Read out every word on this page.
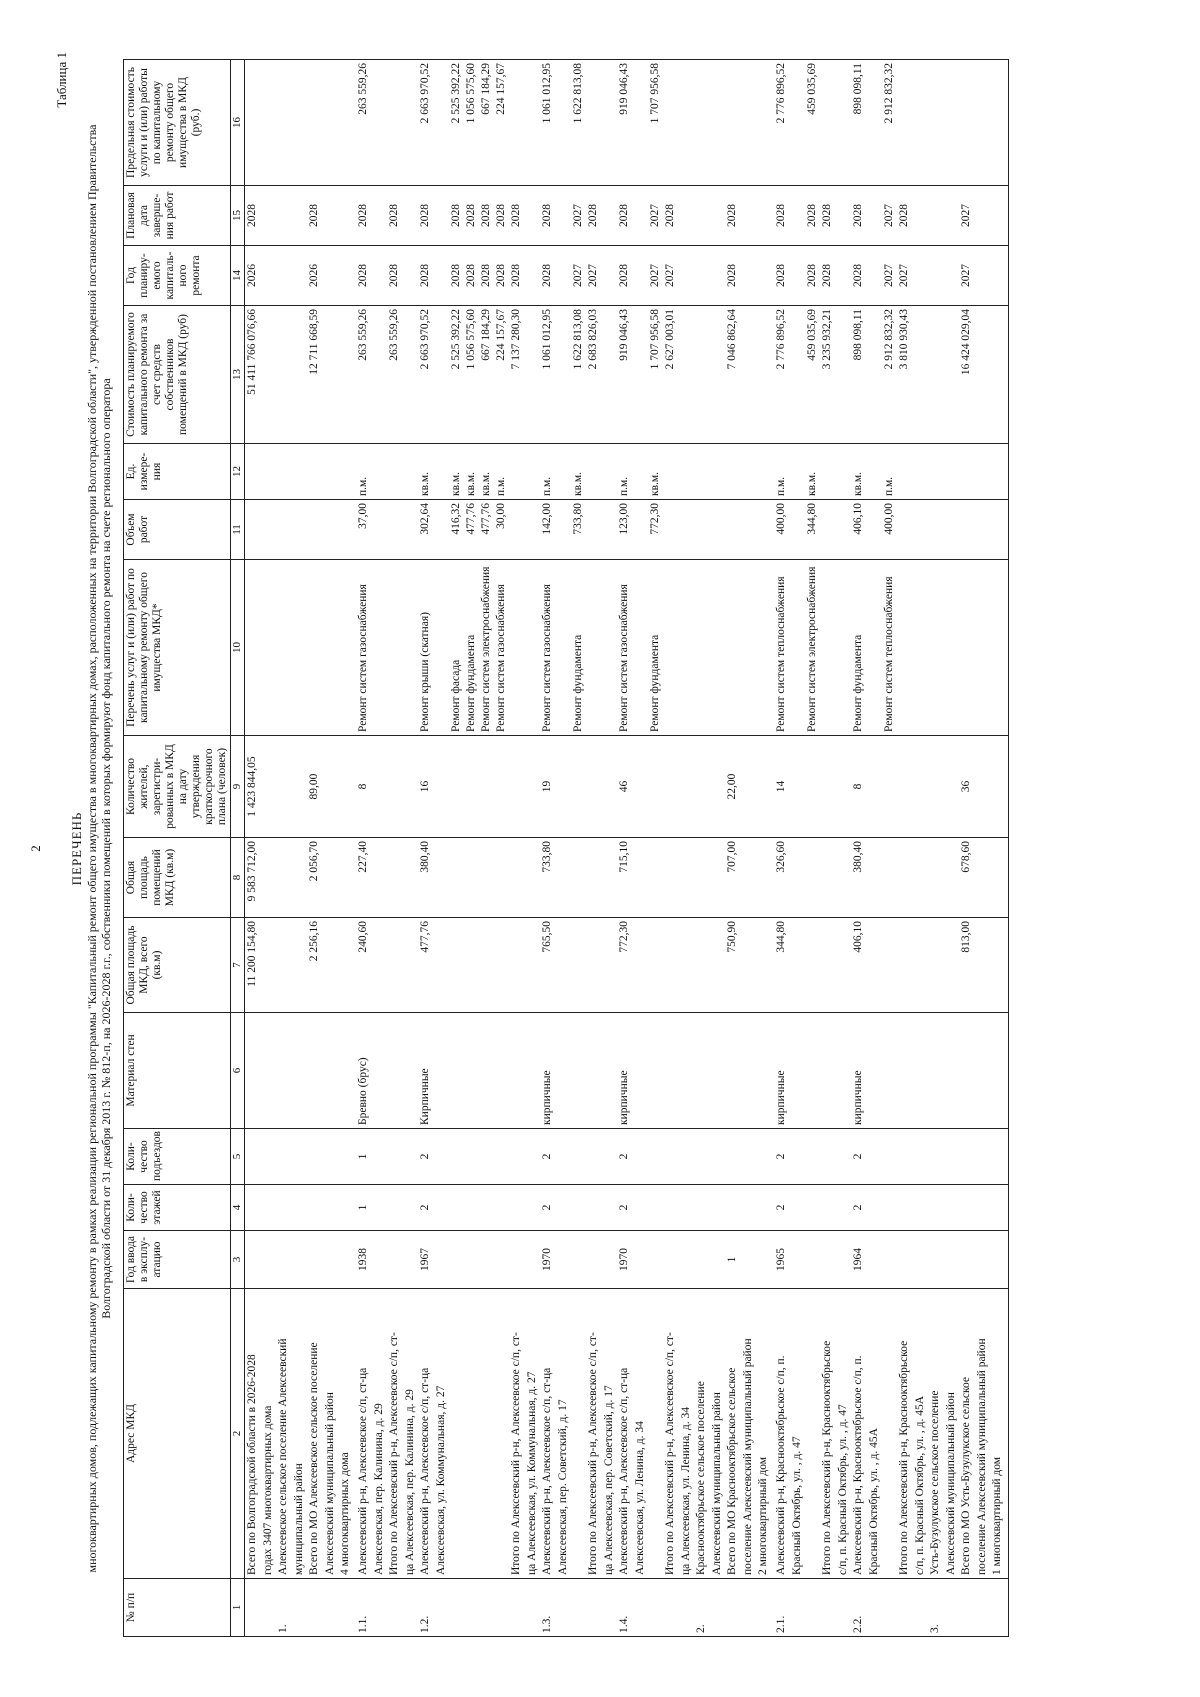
2
Таблица 1
ПЕРЕЧЕНЬ многоквартирных домов, подлежащих капитальному ремонту в рамках реализации региональной программы "Капитальный ремонт общего имущества в многоквартирных домах, расположенных на территории Волгоградской области", утвержденной постановлением Правительства Волгоградской области от 31 декабря 2013 г. № 812-п, на 2026-2028 г.г., собственники помещений в которых формируют фонд капитального ремонта на счете регионального оператора
№ п/п	Адрес МКД	Год ввода в эксплу-атацию	Коли-чество этажей	Коли-чество подъездов	Материал стен	Общая площадь МКД, всего (кв.м)	Общая площадь помещений МКД (кв.м)	Количество жителей, зарегистри-рованных в МКД на дату утверждения краткосрочного плана (человек)	Перечень услуг и (или) работ по капитальному ремонту общего имущества МКД*	Объем работ	Ед. измере-ния	Стоимость планируемого капитального ремонта за счет средств собственников помещений в МКД (руб)	Год планиру-емого капиталь-ного ремонта	Плановая дата заверше-ния работ	Предельная стоимость услуги и (или) работы по капитальному ремонту общего имущества в МКД (руб.)
1	2	3	4	5	6	7	8	9	10	11	12	13	14	15	16

	Всего по Волгоградской области в 2026-2028 годах 3407 многоквартирных дома					11 200 154,80	9 583 712,00	1 423 844,05				51 411 766 076,66	2026	2028	

1.	Алексеевское сельское поселение Алексеевский муниципальный район														

	Всего по МО Алексеевское сельское поселение Алексеевский муниципальный район					2 256,16	2 056,70	89,00				12 711 668,59	2026	2028	

	4 многоквартирных дома														

1.1.	Алексеевский р-н, Алексеевское с/п, ст-ца Алексеевская, пер. Калинина, д. 29	1938	1	1	Бревно (брус)	240,60	227,40	8	Ремонт систем газоснабжения	37,00	п.м.	263 559,26	2028	2028	263 559,26

	Итого по Алексеевский р-н, Алексеевское с/п, ст- ца Алексеевская, пер. Калинина, д. 29											263 559,26	2028	2028	

1.2.	Алексеевский р-н, Алексеевское с/п, ст-ца Алексеевская, ул. Коммунальная, д. 27	1967	2	2	Кирпичные	477,76	380,40	16	Ремонт крыши (скатная)	302,64	кв.м.	2 663 970,52	2028	2028	2 663 970,52

									Ремонт фасада	416,32	кв.м.	2 525 392,22	2028	2028	2 525 392,22

									Ремонт фундамента	477,76	кв.м.	1 056 575,60	2028	2028	1 056 575,60

									Ремонт систем электроснабжения	477,76	кв.м.	667 184,29	2028	2028	667 184,29

									Ремонт систем газоснабжения	30,00	п.м.	224 157,67	2028	2028	224 157,67

	Итого по Алексеевский р-н, Алексеевское с/п, ст- ца Алексеевская, ул. Коммунальная, д. 27											7 137 280,30	2028	2028	

1.3.	Алексеевский р-н, Алексеевское с/п, ст-ца Алексеевская, пер. Советский, д. 17	1970	2	2	кирпичные	765,50	733,80	19	Ремонт систем газоснабжения	142,00	п.м.	1 061 012,95	2028	2028	1 061 012,95

									Ремонт фундамента	733,80	кв.м.	1 622 813,08	2027	2027	1 622 813,08

	Итого по Алексеевский р-н, Алексеевское с/п, ст- ца Алексеевская, пер. Советский, д. 17											2 683 826,03	2027	2028	

1.4.	Алексеевский р-н, Алексеевское с/п, ст-ца Алексеевская, ул. Ленина, д. 34	1970	2	2	кирпичные	772,30	715,10	46	Ремонт систем газоснабжения	123,00	п.м.	919 046,43	2028	2028	919 046,43

									Ремонт фундамента	772,30	кв.м.	1 707 956,58	2027	2027	1 707 956,58

	Итого по Алексеевский р-н, Алексеевское с/п, ст- ца Алексеевская, ул. Ленина, д. 34											2 627 003,01	2027	2028	

2.	Краснооктябрьское сельское поселение Алексеевский муниципальный район														

	Всего по МО Краснооктябрьское сельское поселение Алексеевский муниципальный район	1				750,90	707,00	22,00				7 046 862,64	2028	2028	

	2 многоквартирный дом														

2.1.	Алексеевский р-н, Краснооктябрьское с/п, п. Красный Октябрь, ул. , д. 47	1965	2	2	кирпичные	344,80	326,60	14	Ремонт систем теплоснабжения	400,00	п.м.	2 776 896,52	2028	2028	2 776 896,52

									Ремонт систем электроснабжения	344,80	кв.м.	459 035,69	2028	2028	459 035,69

	Итого по Алексеевский р-н, Краснооктябрьское с/п, п. Красный Октябрь, ул. , д. 47											3 235 932,21	2028	2028	

2.2.	Алексеевский р-н, Краснооктябрьское с/п, п. Красный Октябрь, ул. , д. 45А	1964	2	2	кирпичные	406,10	380,40	8	Ремонт фундамента	406,10	кв.м.	898 098,11	2028	2028	898 098,11

									Ремонт систем теплоснабжения	400,00	п.м.	2 912 832,32	2027	2027	2 912 832,32

	Итого по Алексеевский р-н, Краснооктябрьское с/п, п. Красный Октябрь, ул. , д. 45А											3 810 930,43	2027	2028	

3.	Усть-Бузулукское сельское поселение Алексеевский муниципальный район														

	Всего по МО Усть-Бузулукское сельское поселение Алексеевский муниципальный район					813,00	678,60	36				16 424 029,04	2027	2027	

	1 многоквартирный дом														
